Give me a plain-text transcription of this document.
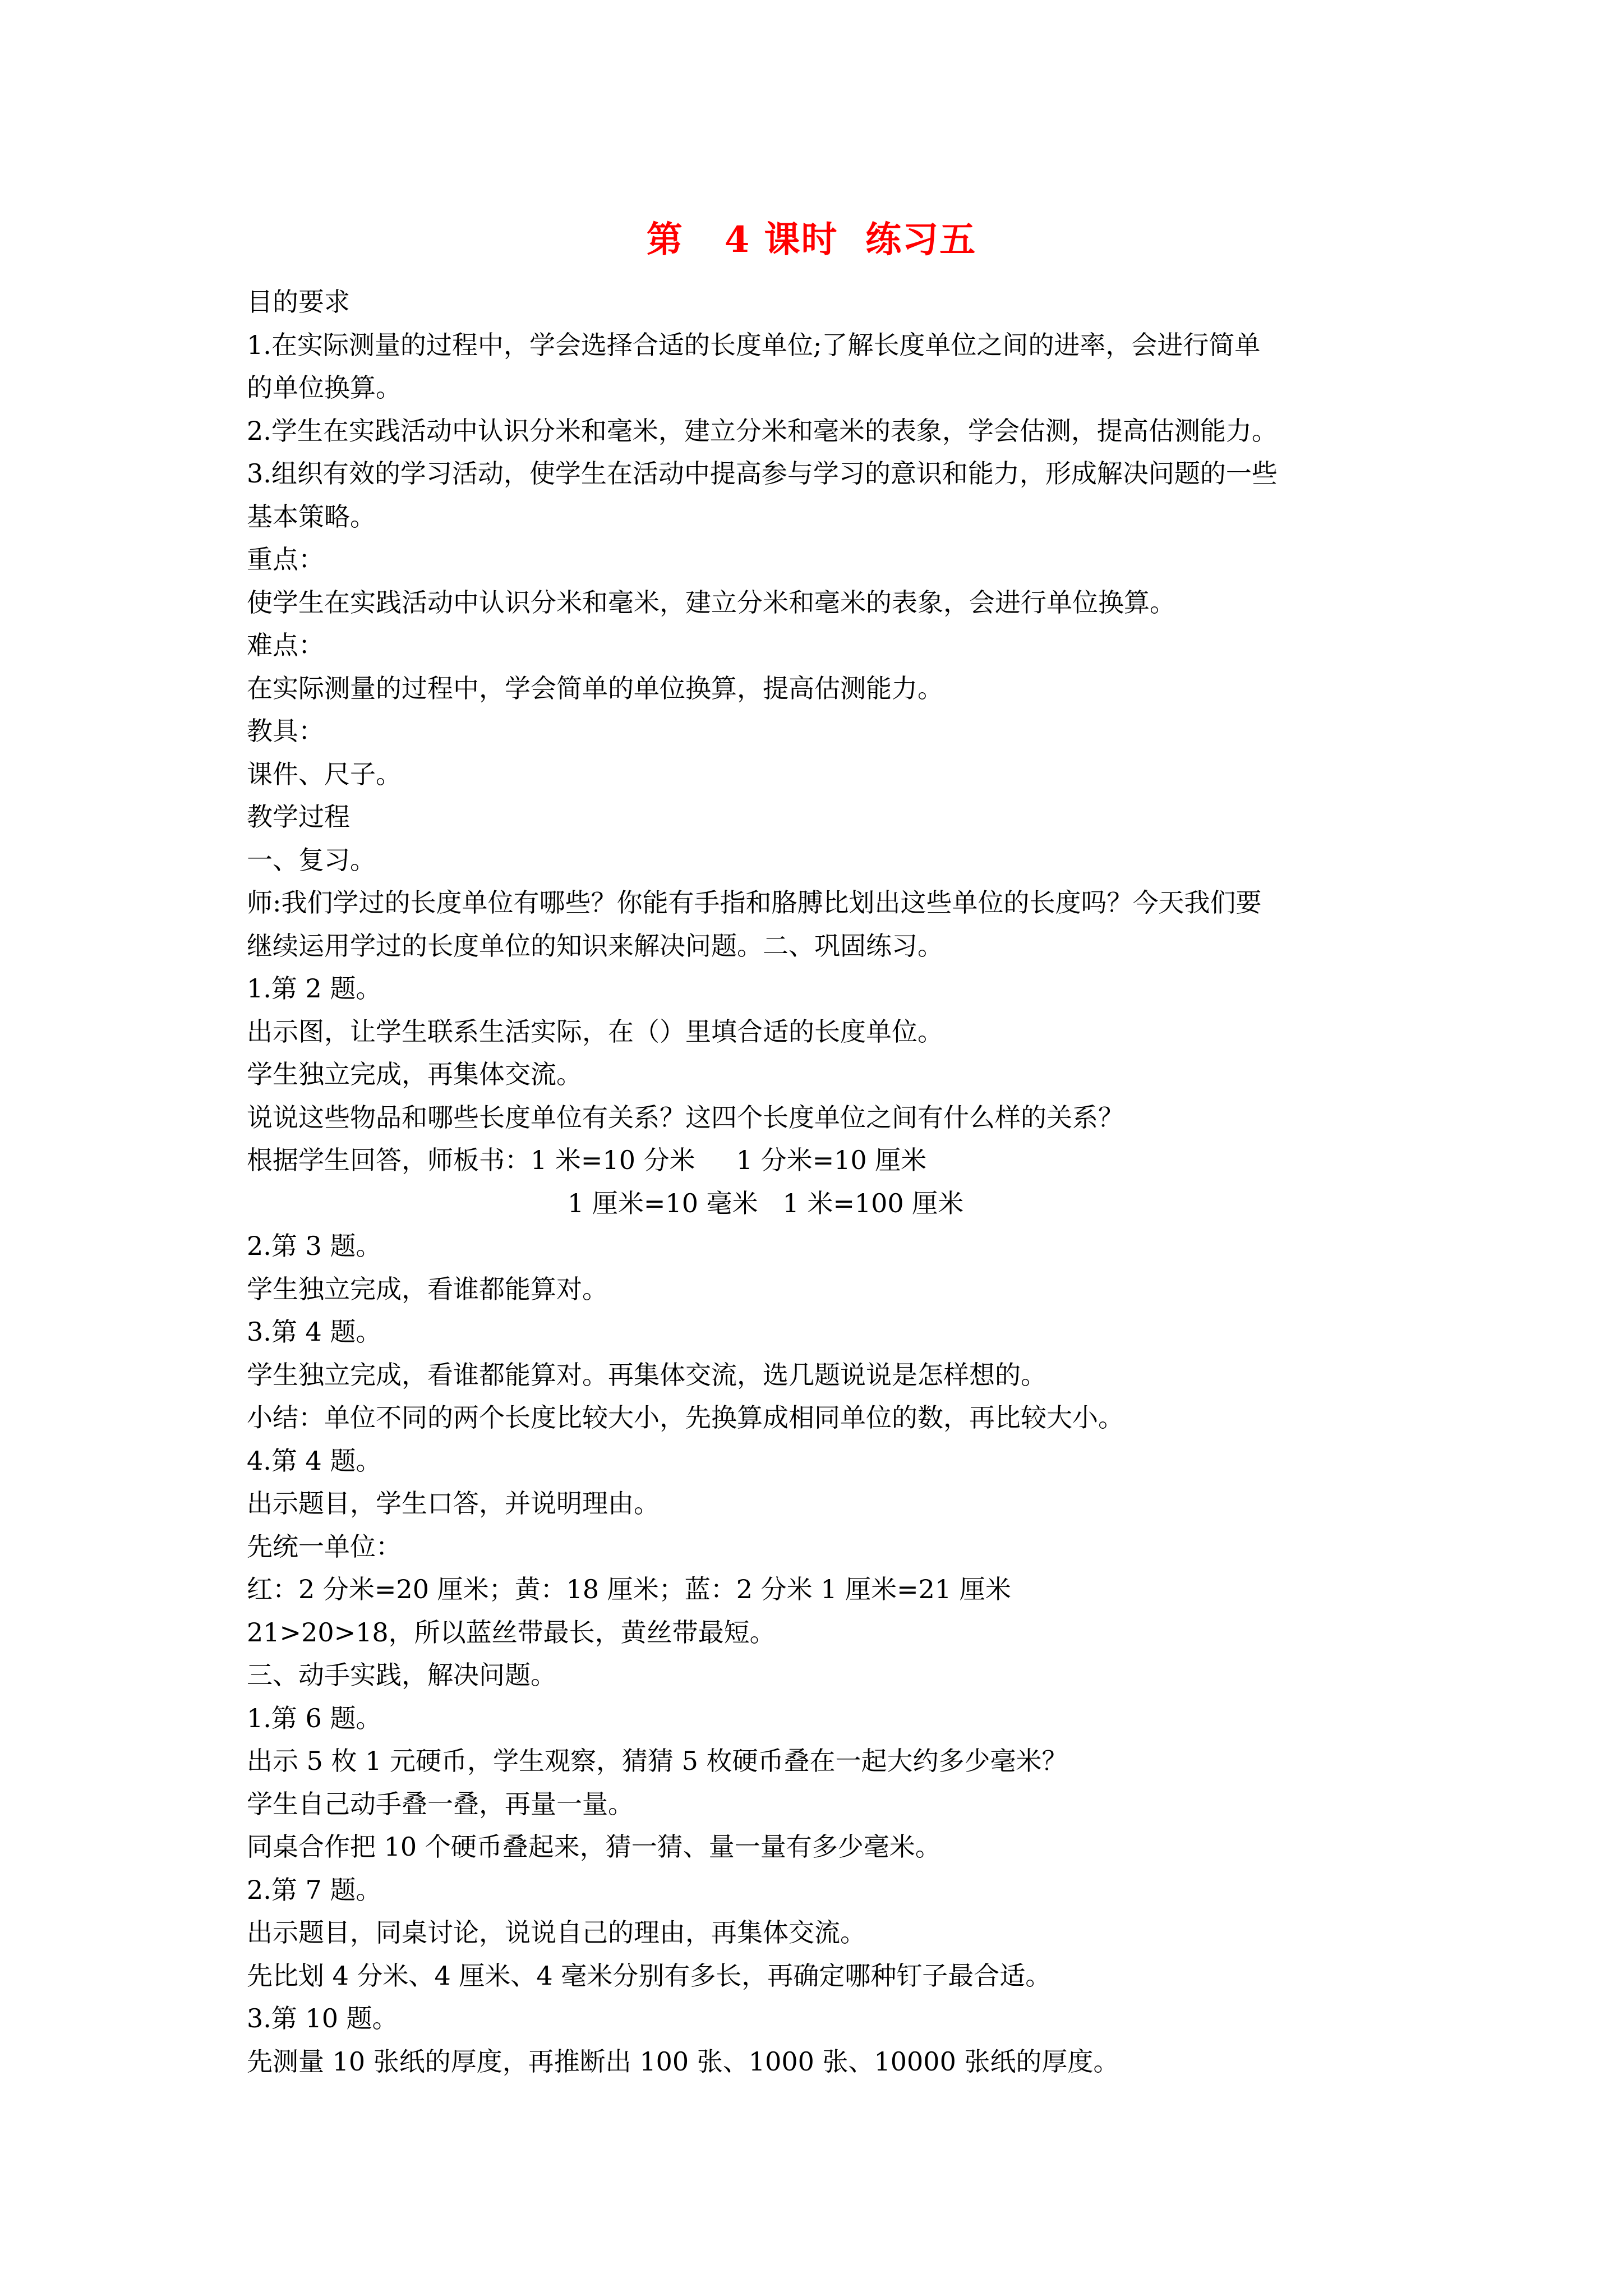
第   4 课时  练习五
目的要求
1.在实际测量的过程中，学会选择合适的长度单位;了解长度单位之间的进率，会进行简单
的单位换算。
2.学生在实践活动中认识分米和毫米，建立分米和毫米的表象，学会估测，提高估测能力。
3.组织有效的学习活动，使学生在活动中提高参与学习的意识和能力，形成解决问题的一些
基本策略。
重点：
使学生在实践活动中认识分米和毫米，建立分米和毫米的表象，会进行单位换算。
难点：
在实际测量的过程中，学会简单的单位换算，提高估测能力。
教具：
课件、尺子。
教学过程
一、复习。
师:我们学过的长度单位有哪些？你能有手指和胳膊比划出这些单位的长度吗？今天我们要
继续运用学过的长度单位的知识来解决问题。二、巩固练习。
1.第 2 题。
出示图，让学生联系生活实际，在（）里填合适的长度单位。
学生独立完成，再集体交流。
说说这些物品和哪些长度单位有关系？这四个长度单位之间有什么样的关系？
根据学生回答，师板书：1 米=10 分米     1 分米=10 厘米
1 厘米=10 毫米   1 米=100 厘米
2.第 3 题。
学生独立完成，看谁都能算对。
3.第 4 题。
学生独立完成，看谁都能算对。再集体交流，选几题说说是怎样想的。
小结：单位不同的两个长度比较大小，先换算成相同单位的数，再比较大小。
4.第 4 题。
出示题目，学生口答，并说明理由。
先统一单位：
红：2 分米=20 厘米；黄：18 厘米；蓝：2 分米 1 厘米=21 厘米
21>20>18，所以蓝丝带最长，黄丝带最短。
三、动手实践，解决问题。
1.第 6 题。
出示 5 枚 1 元硬币，学生观察，猜猜 5 枚硬币叠在一起大约多少毫米？
学生自己动手叠一叠，再量一量。
同桌合作把 10 个硬币叠起来，猜一猜、量一量有多少毫米。
2.第 7 题。
出示题目，同桌讨论，说说自己的理由，再集体交流。
先比划 4 分米、4 厘米、4 毫米分别有多长，再确定哪种钉子最合适。
3.第 10 题。
先测量 10 张纸的厚度，再推断出 100 张、1000 张、10000 张纸的厚度。
